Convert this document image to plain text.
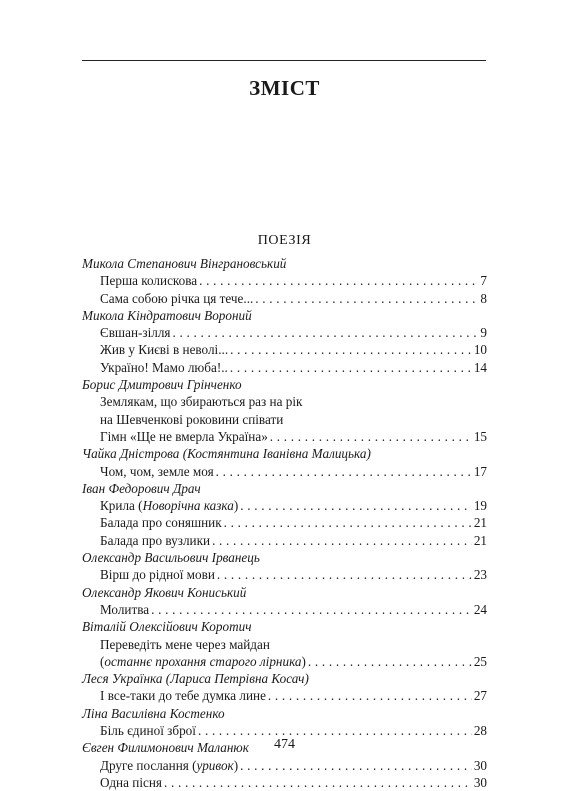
ЗМІСТ
ПОЕЗІЯ
Микола Степанович Вінграновський
Перша колискова . . .	7
Сама собою річка ця тече... . . .	8
Микола Кіндратович Вороний
Євшан-зілля . . .	9
Жив у Києві в неволі... . . .	10
Україно! Мамо люба!.. . . .	14
Борис Дмитрович Грінченко
Землякам, що збираються раз на рік
на Шевченкові роковини співати
Гімн «Ще не вмерла Україна» . . .	15
Чайка Дністрова (Костянтина Іванівна Малицька)
Чом, чом, земле моя . . .	17
Іван Федорович Драч
Крила (Новорічна казка) . . .	19
Балада про соняшник . . .	21
Балада про вузлики . . .	21
Олександр Васильович Ірванець
Вірш до рідної мови . . .	23
Олександр Якович Кониський
Молитва . . .	24
Віталій Олексійович Коротич
Переведіть мене через майдан
(останнє прохання старого лірника) . . .	25
Леся Українка (Лариса Петрівна Косач)
І все-таки до тебе думка лине . . .	27
Ліна Василівна Костенко
Біль єдиної зброї . . .	28
Євген Филимонович Маланюк
Друге послання (уривок) . . .	30
Одна пісня . . .	30
474
